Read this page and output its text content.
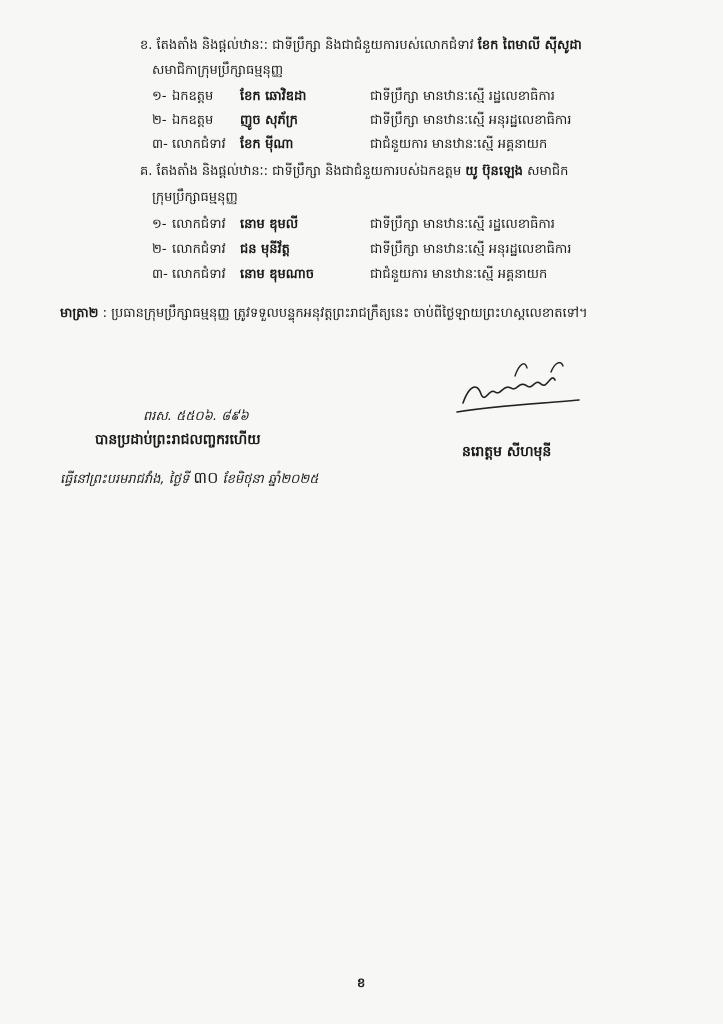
ខ. តែងតាំង និងផ្តល់ឋានៈ: ជាទីប្រឹក្សា និងជាជំនួយការបស់លោកជំទាវ ខែក ពៃមាលី ស៊ីសូដា
សមាជិកាក្រុមប្រឹក្សាធម្មនុញ្ញ
១- ឯកឧត្តម ខែក ឆោវិឌដា	ជាទីប្រឹក្សា មានឋានៈស្មើ រដ្ឋលេខាធិការ
២- ឯកឧត្តម ញូច សុភ័ក្រ	ជាទីប្រឹក្សា មានឋានៈស្មើ អនុរដ្ឋលេខាធិការ
៣- លោកជំទាវ ខែក ម៉ីណា	ជាជំនួយការ មានឋានៈស្មើ អគ្គនាយក
គ. តែងតាំង និងផ្តល់ឋានៈ: ជាទីប្រឹក្សា និងជាជំនួយការបស់ឯកឧត្តម យូ ប៊ុនឡេង សមាជិក
ក្រុមប្រឹក្សាធម្មនុញ្ញ
១- លោកជំទាវ នោម ឌុមលី	ជាទីប្រឹក្សា មានឋានៈស្មើ រដ្ឋលេខាធិការ
២- លោកជំទាវ ជន មុនីវ័ត្ត	ជាទីប្រឹក្សា មានឋានៈស្មើ អនុរដ្ឋលេខាធិការ
៣- លោកជំទាវ នោម ឌុមណាច	ជាជំនួយការ មានឋានៈស្មើ អគ្គនាយក
មាត្រា២ : ប្រធានក្រុមប្រឹក្សាធម្មនុញ្ញ ត្រូវទទួលបន្ទុកអនុវត្តព្រះរាជក្រឹត្យនេះ ចាប់ពីថ្ងៃឡាយព្រះហស្តលេខាតទៅ។
ពរស. ៥៥០៦. ៨៩៦
បានប្រដាប់ព្រះរាជលញ្ចករហើយ
ធ្វើនៅព្រះបរមរាជវាំង, ថ្ងៃទី ៣០ ខែមិថុនា ឆ្នាំ២០២៥
នរោត្តម សីហមុនី
ខ
